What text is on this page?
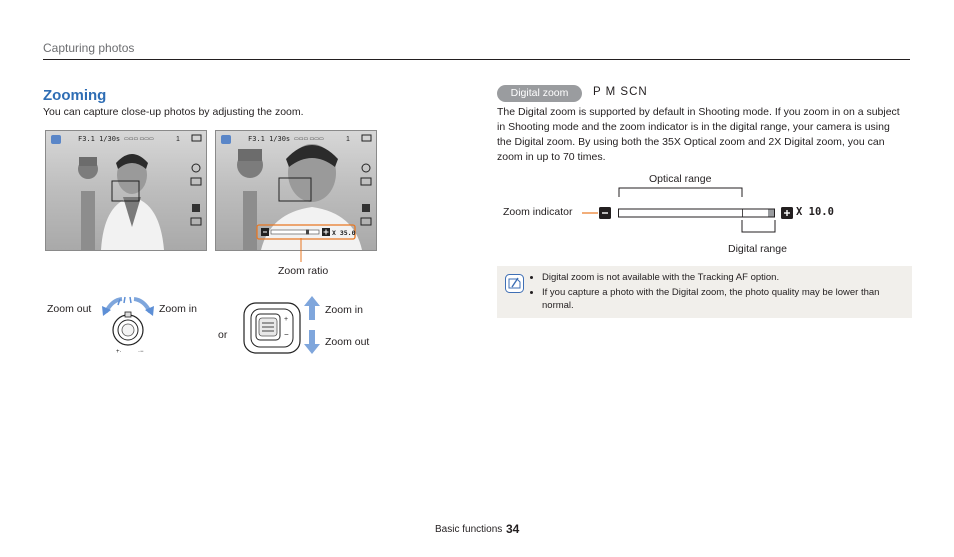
Capturing photos
Zooming
You can capture close-up photos by adjusting the zoom.
F3.1 1/30s ▭▭▭ ▭▭▭	1	F3.1 1/30s ▭▭▭ ▭▭▭	1
X 35.0
Zoom ratio
Zoom out	Zoom in
+·	·−
or
+
−
Zoom in
Zoom out
Digital zoom	P M SCN
The Digital zoom is supported by default in Shooting mode. If you zoom in on a subject in Shooting mode and the zoom indicator is in the digital range, your camera is using the Digital zoom. By using both the 35X Optical zoom and 2X Digital zoom, you can zoom in up to 70 times.
Optical range
Zoom indicator	X 10.0
Digital range
• Digital zoom is not available with the Tracking AF option.
• If you capture a photo with the Digital zoom, the photo quality may be lower than normal.
Basic functions 34
